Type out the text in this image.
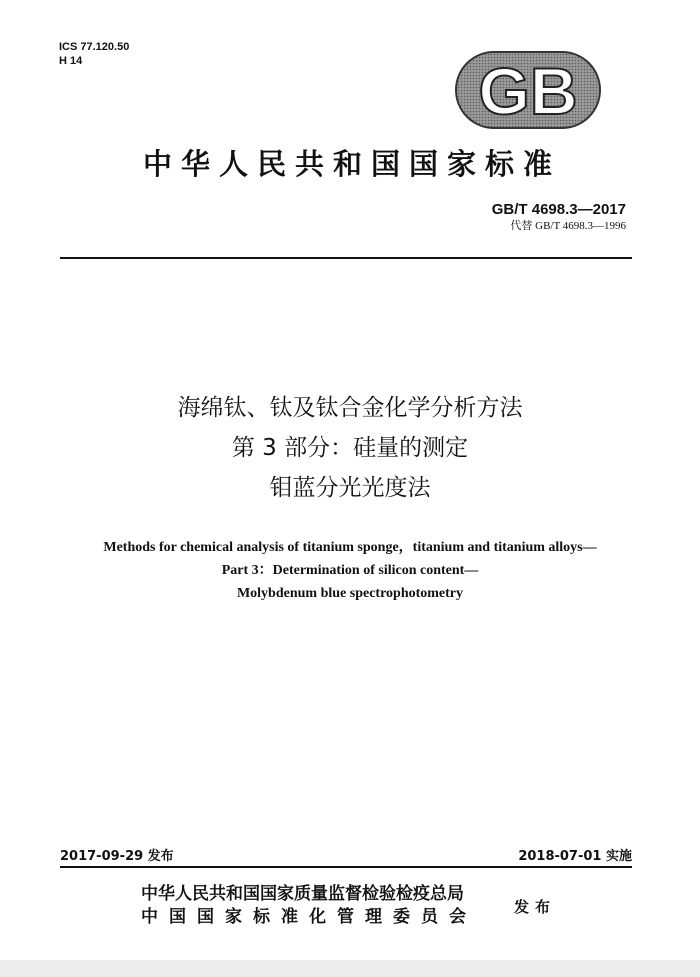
ICS 77.120.50
H 14	GB
中华人民共和国国家标准
GB/T 4698.3—2017
代替 GB/T 4698.3—1996
海绵钛、钛及钛合金化学分析方法
第 3 部分：硅量的测定
钼蓝分光光度法
Methods for chemical analysis of titanium sponge，titanium and titanium alloys—
Part 3：Determination of silicon content—
Molybdenum blue spectrophotometry
2017-09-29 发布	2018-07-01 实施
中华人民共和国国家质量监督检验检疫总局
中国国家标准化管理委员会 发布
